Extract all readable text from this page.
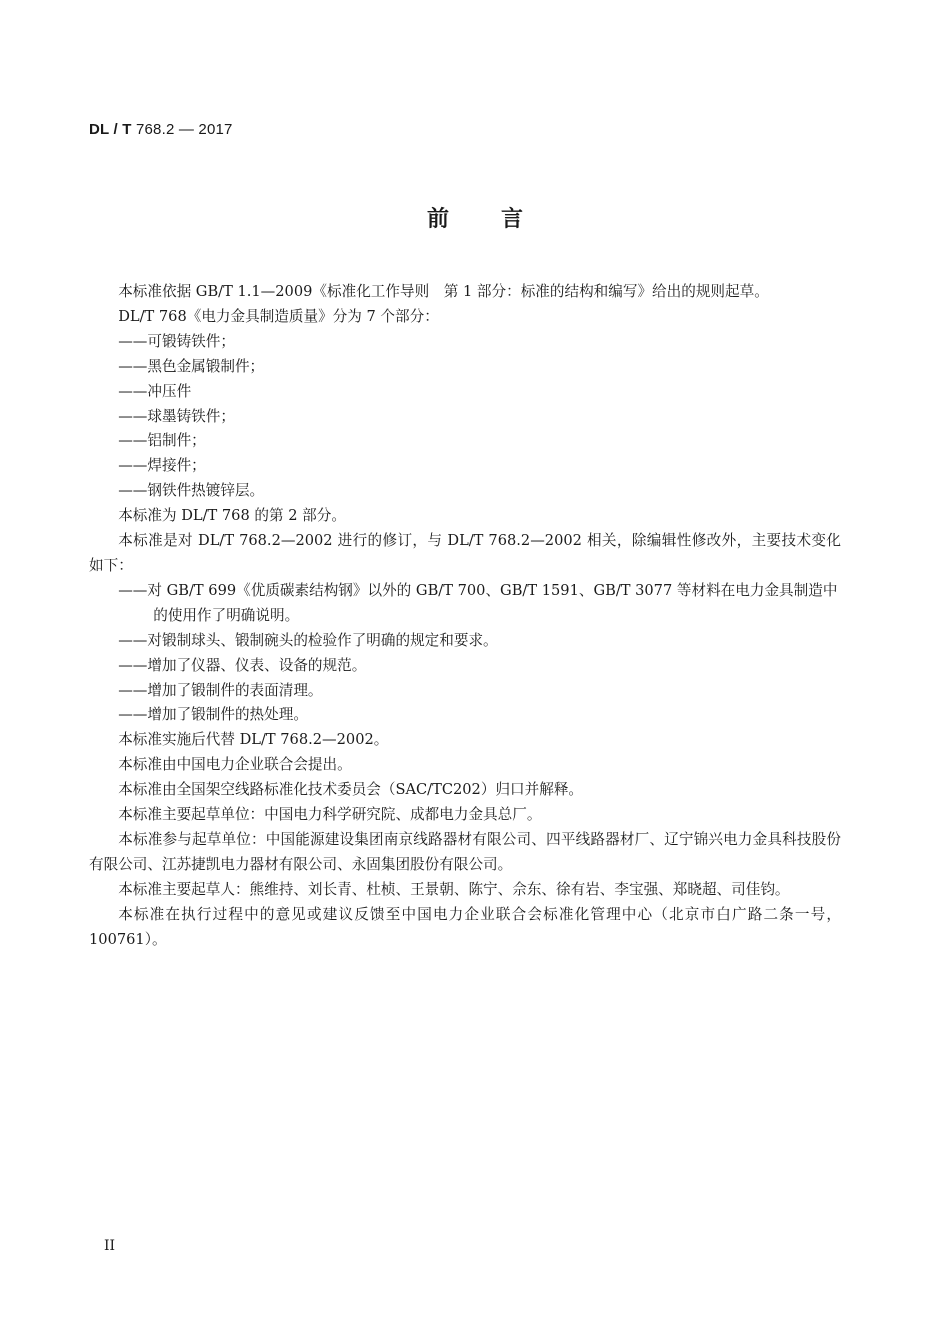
DL / T 768.2 — 2017
前言

本标准依据 GB/T 1.1—2009《标准化工作导则　第 1 部分：标准的结构和编写》给出的规则起草。

DL/T 768《电力金具制造质量》分为 7 个部分：

——可锻铸铁件；

——黑色金属锻制件；

——冲压件

——球墨铸铁件；

——铝制件；

——焊接件；

——钢铁件热镀锌层。

本标准为 DL/T 768 的第 2 部分。

本标准是对 DL/T 768.2—2002 进行的修订，与 DL/T 768.2—2002 相关，除编辑性修改外，主要技术变化如下：

——对 GB/T 699《优质碳素结构钢》以外的 GB/T 700、GB/T 1591、GB/T 3077 等材料在电力金具制造中的使用作了明确说明。

——对锻制球头、锻制碗头的检验作了明确的规定和要求。

——增加了仪器、仪表、设备的规范。

——增加了锻制件的表面清理。

——增加了锻制件的热处理。

本标准实施后代替 DL/T 768.2—2002。

本标准由中国电力企业联合会提出。

本标准由全国架空线路标准化技术委员会（SAC/TC202）归口并解释。

本标准主要起草单位：中国电力科学研究院、成都电力金具总厂。

本标准参与起草单位：中国能源建设集团南京线路器材有限公司、四平线路器材厂、辽宁锦兴电力金具科技股份有限公司、江苏捷凯电力器材有限公司、永固集团股份有限公司。

本标准主要起草人：熊维持、刘长青、杜桢、王景朝、陈宁、佘东、徐有岩、李宝强、郑晓超、司佳钧。

本标准在执行过程中的意见或建议反馈至中国电力企业联合会标准化管理中心（北京市白广路二条一号，100761）。

II
